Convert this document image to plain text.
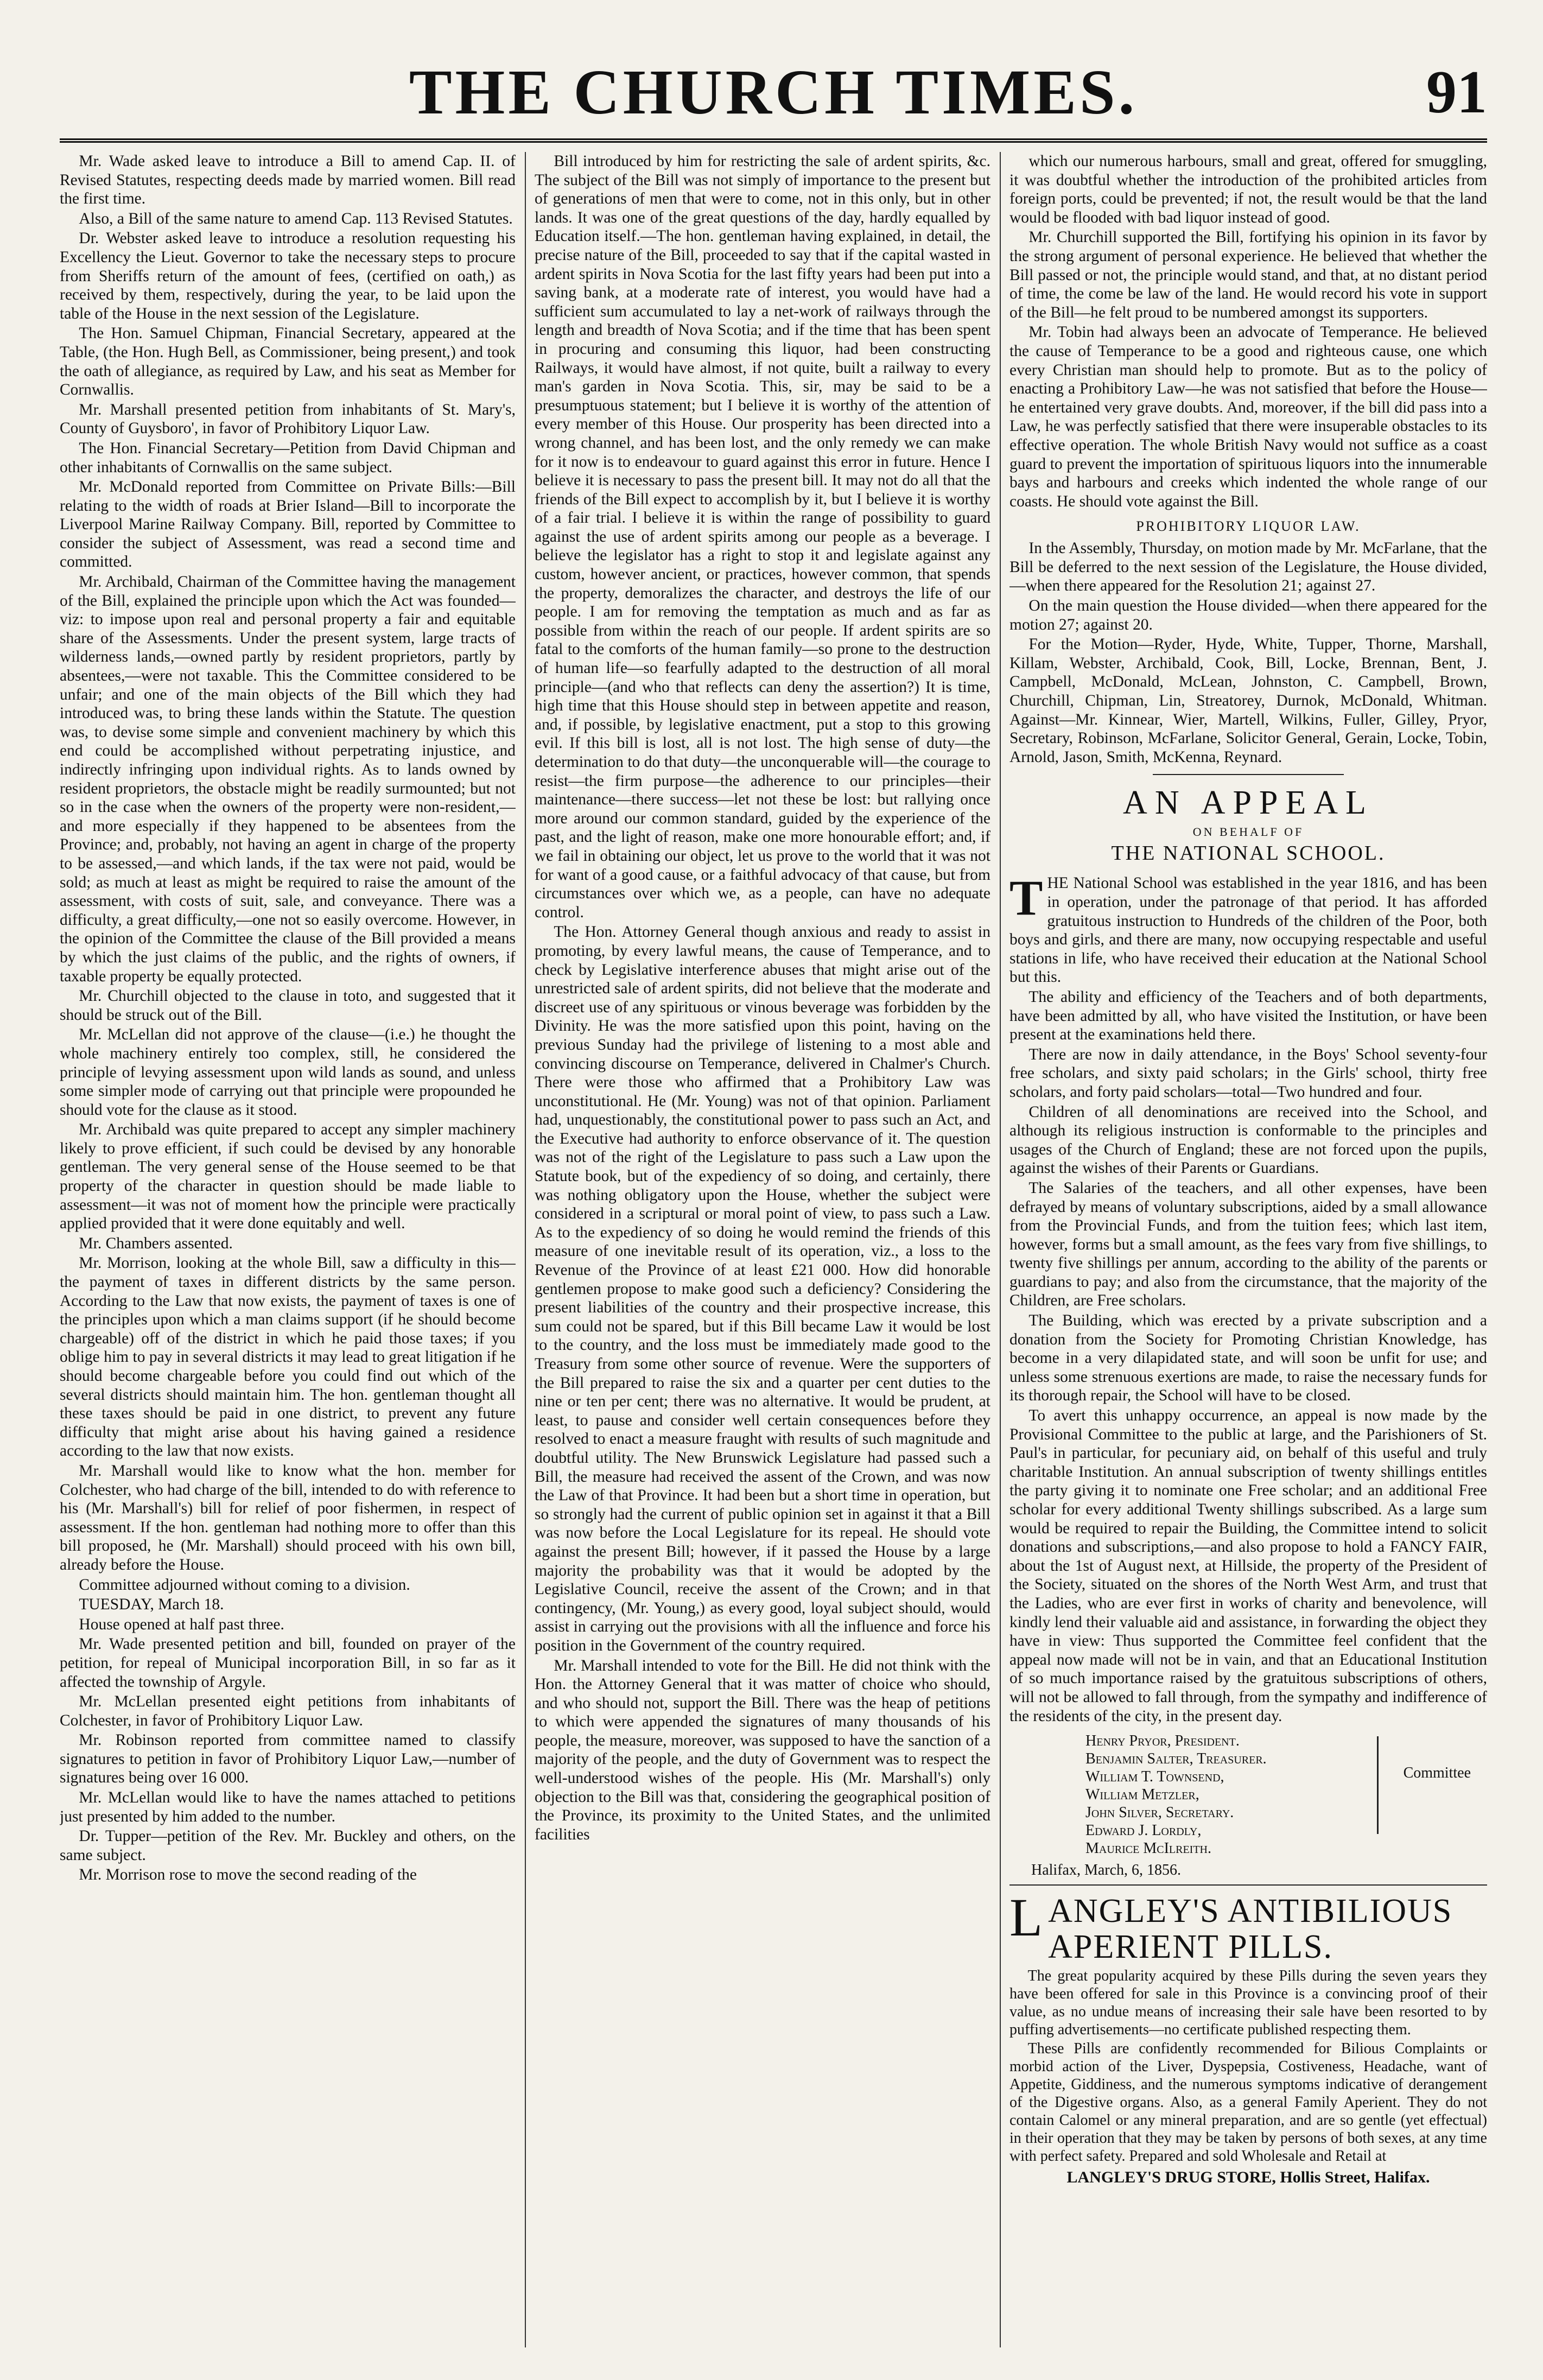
THE CHURCH TIMES.	91

Mr. Wade asked leave to introduce a Bill to amend Cap. II. of Revised Statutes, respecting deeds made by married women. Bill read the first time.

Also, a Bill of the same nature to amend Cap. 113 Revised Statutes.

Dr. Webster asked leave to introduce a resolution requesting his Excellency the Lieut. Governor to take the necessary steps to procure from Sheriffs return of the amount of fees, (certified on oath,) as received by them, respectively, during the year, to be laid upon the table of the House in the next session of the Legislature.

The Hon. Samuel Chipman, Financial Secretary, appeared at the Table, (the Hon. Hugh Bell, as Commissioner, being present,) and took the oath of allegiance, as required by Law, and his seat as Member for Cornwallis.

Mr. Marshall presented petition from inhabitants of St. Mary's, County of Guysboro', in favor of Prohibitory Liquor Law.

The Hon. Financial Secretary—Petition from David Chipman and other inhabitants of Cornwallis on the same subject.

Mr. McDonald reported from Committee on Private Bills:—Bill relating to the width of roads at Brier Island—Bill to incorporate the Liverpool Marine Railway Company. Bill, reported by Committee to consider the subject of Assessment, was read a second time and committed.

Mr. Archibald, Chairman of the Committee having the management of the Bill, explained the principle upon which the Act was founded—viz: to impose upon real and personal property a fair and equitable share of the Assessments. Under the present system, large tracts of wilderness lands,—owned partly by resident proprietors, partly by absentees,—were not taxable. This the Committee considered to be unfair; and one of the main objects of the Bill which they had introduced was, to bring these lands within the Statute. The question was, to devise some simple and convenient machinery by which this end could be accomplished without perpetrating injustice, and indirectly infringing upon individual rights. As to lands owned by resident proprietors, the obstacle might be readily surmounted; but not so in the case when the owners of the property were non-resident,—and more especially if they happened to be absentees from the Province; and, probably, not having an agent in charge of the property to be assessed,—and which lands, if the tax were not paid, would be sold; as much at least as might be required to raise the amount of the assessment, with costs of suit, sale, and conveyance. There was a difficulty, a great difficulty,—one not so easily overcome. However, in the opinion of the Committee the clause of the Bill provided a means by which the just claims of the public, and the rights of owners, if taxable property be equally protected.

Mr. Churchill objected to the clause in toto, and suggested that it should be struck out of the Bill.

Mr. McLellan did not approve of the clause—(i.e.) he thought the whole machinery entirely too complex, still, he considered the principle of levying assessment upon wild lands as sound, and unless some simpler mode of carrying out that principle were propounded he should vote for the clause as it stood.

Mr. Archibald was quite prepared to accept any simpler machinery likely to prove efficient, if such could be devised by any honorable gentleman. The very general sense of the House seemed to be that property of the character in question should be made liable to assessment—it was not of moment how the principle were practically applied provided that it were done equitably and well.

Mr. Chambers assented.

Mr. Morrison, looking at the whole Bill, saw a difficulty in this—the payment of taxes in different districts by the same person. According to the Law that now exists, the payment of taxes is one of the principles upon which a man claims support (if he should become chargeable) off of the district in which he paid those taxes; if you oblige him to pay in several districts it may lead to great litigation if he should become chargeable before you could find out which of the several districts should maintain him. The hon. gentleman thought all these taxes should be paid in one district, to prevent any future difficulty that might arise about his having gained a residence according to the law that now exists.

Mr. Marshall would like to know what the hon. member for Colchester, who had charge of the bill, intended to do with reference to his (Mr. Marshall's) bill for relief of poor fishermen, in respect of assessment. If the hon. gentleman had nothing more to offer than this bill proposed, he (Mr. Marshall) should proceed with his own bill, already before the House.

Committee adjourned without coming to a division.

TUESDAY, March 18.

House opened at half past three.

Mr. Wade presented petition and bill, founded on prayer of the petition, for repeal of Municipal incorporation Bill, in so far as it affected the township of Argyle.

Mr. McLellan presented eight petitions from inhabitants of Colchester, in favor of Prohibitory Liquor Law.

Mr. Robinson reported from committee named to classify signatures to petition in favor of Prohibitory Liquor Law,—number of signatures being over 16 000.

Mr. McLellan would like to have the names attached to petitions just presented by him added to the number.

Dr. Tupper—petition of the Rev. Mr. Buckley and others, on the same subject.

Mr. Morrison rose to move the second reading of the

Bill introduced by him for restricting the sale of ardent spirits, &c. The subject of the Bill was not simply of importance to the present but of generations of men that were to come, not in this only, but in other lands. It was one of the great questions of the day, hardly equalled by Education itself.—The hon. gentleman having explained, in detail, the precise nature of the Bill, proceeded to say that if the capital wasted in ardent spirits in Nova Scotia for the last fifty years had been put into a saving bank, at a moderate rate of interest, you would have had a sufficient sum accumulated to lay a net-work of railways through the length and breadth of Nova Scotia; and if the time that has been spent in procuring and consuming this liquor, had been constructing Railways, it would have almost, if not quite, built a railway to every man's garden in Nova Scotia. This, sir, may be said to be a presumptuous statement; but I believe it is worthy of the attention of every member of this House. Our prosperity has been directed into a wrong channel, and has been lost, and the only remedy we can make for it now is to endeavour to guard against this error in future. Hence I believe it is necessary to pass the present bill. It may not do all that the friends of the Bill expect to accomplish by it, but I believe it is worthy of a fair trial. I believe it is within the range of possibility to guard against the use of ardent spirits among our people as a beverage. I believe the legislator has a right to stop it and legislate against any custom, however ancient, or practices, however common, that spends the property, demoralizes the character, and destroys the life of our people. I am for removing the temptation as much and as far as possible from within the reach of our people. If ardent spirits are so fatal to the comforts of the human family—so prone to the destruction of human life—so fearfully adapted to the destruction of all moral principle—(and who that reflects can deny the assertion?) It is time, high time that this House should step in between appetite and reason, and, if possible, by legislative enactment, put a stop to this growing evil. If this bill is lost, all is not lost. The high sense of duty—the determination to do that duty—the unconquerable will—the courage to resist—the firm purpose—the adherence to our principles—their maintenance—there success—let not these be lost: but rallying once more around our common standard, guided by the experience of the past, and the light of reason, make one more honourable effort; and, if we fail in obtaining our object, let us prove to the world that it was not for want of a good cause, or a faithful advocacy of that cause, but from circumstances over which we, as a people, can have no adequate control.

The Hon. Attorney General though anxious and ready to assist in promoting, by every lawful means, the cause of Temperance, and to check by Legislative interference abuses that might arise out of the unrestricted sale of ardent spirits, did not believe that the moderate and discreet use of any spirituous or vinous beverage was forbidden by the Divinity. He was the more satisfied upon this point, having on the previous Sunday had the privilege of listening to a most able and convincing discourse on Temperance, delivered in Chalmer's Church. There were those who affirmed that a Prohibitory Law was unconstitutional. He (Mr. Young) was not of that opinion. Parliament had, unquestionably, the constitutional power to pass such an Act, and the Executive had authority to enforce observance of it. The question was not of the right of the Legislature to pass such a Law upon the Statute book, but of the expediency of so doing, and certainly, there was nothing obligatory upon the House, whether the subject were considered in a scriptural or moral point of view, to pass such a Law. As to the expediency of so doing he would remind the friends of this measure of one inevitable result of its operation, viz., a loss to the Revenue of the Province of at least £21 000. How did honorable gentlemen propose to make good such a deficiency? Considering the present liabilities of the country and their prospective increase, this sum could not be spared, but if this Bill became Law it would be lost to the country, and the loss must be immediately made good to the Treasury from some other source of revenue. Were the supporters of the Bill prepared to raise the six and a quarter per cent duties to the nine or ten per cent; there was no alternative. It would be prudent, at least, to pause and consider well certain consequences before they resolved to enact a measure fraught with results of such magnitude and doubtful utility. The New Brunswick Legislature had passed such a Bill, the measure had received the assent of the Crown, and was now the Law of that Province. It had been but a short time in operation, but so strongly had the current of public opinion set in against it that a Bill was now before the Local Legislature for its repeal. He should vote against the present Bill; however, if it passed the House by a large majority the probability was that it would be adopted by the Legislative Council, receive the assent of the Crown; and in that contingency, (Mr. Young,) as every good, loyal subject should, would assist in carrying out the provisions with all the influence and force his position in the Government of the country required.

Mr. Marshall intended to vote for the Bill. He did not think with the Hon. the Attorney General that it was matter of choice who should, and who should not, support the Bill. There was the heap of petitions to which were appended the signatures of many thousands of his people, the measure, moreover, was supposed to have the sanction of a majority of the people, and the duty of Government was to respect the well-understood wishes of the people. His (Mr. Marshall's) only objection to the Bill was that, considering the geographical position of the Province, its proximity to the United States, and the unlimited facilities

which our numerous harbours, small and great, offered for smuggling, it was doubtful whether the introduction of the prohibited articles from foreign ports, could be prevented; if not, the result would be that the land would be flooded with bad liquor instead of good.

Mr. Churchill supported the Bill, fortifying his opinion in its favor by the strong argument of personal experience. He believed that whether the Bill passed or not, the principle would stand, and that, at no distant period of time, the come be law of the land. He would record his vote in support of the Bill—he felt proud to be numbered amongst its supporters.

Mr. Tobin had always been an advocate of Temperance. He believed the cause of Temperance to be a good and righteous cause, one which every Christian man should help to promote. But as to the policy of enacting a Prohibitory Law—he was not satisfied that before the House—he entertained very grave doubts. And, moreover, if the bill did pass into a Law, he was perfectly satisfied that there were insuperable obstacles to its effective operation. The whole British Navy would not suffice as a coast guard to prevent the importation of spirituous liquors into the innumerable bays and harbours and creeks which indented the whole range of our coasts. He should vote against the Bill.

PROHIBITORY LIQUOR LAW.

In the Assembly, Thursday, on motion made by Mr. McFarlane, that the Bill be deferred to the next session of the Legislature, the House divided,—when there appeared for the Resolution 21; against 27.

On the main question the House divided—when there appeared for the motion 27; against 20.

For the Motion—Ryder, Hyde, White, Tupper, Thorne, Marshall, Killam, Webster, Archibald, Cook, Bill, Locke, Brennan, Bent, J. Campbell, McDonald, McLean, Johnston, C. Campbell, Brown, Churchill, Chipman, Lin, Streatorey, Durnok, McDonald, Whitman. Against—Mr. Kinnear, Wier, Martell, Wilkins, Fuller, Gilley, Pryor, Secretary, Robinson, McFarlane, Solicitor General, Gerain, Locke, Tobin, Arnold, Jason, Smith, McKenna, Reynard.

AN APPEAL
ON BEHALF OF
THE NATIONAL SCHOOL.

THE National School was established in the year 1816, and has been in operation, under the patronage of that period. It has afforded gratuitous instruction to Hundreds of the children of the Poor, both boys and girls, and there are many, now occupying respectable and useful stations in life, who have received their education at the National School but this.

The ability and efficiency of the Teachers and of both departments, have been admitted by all, who have visited the Institution, or have been present at the examinations held there.

There are now in daily attendance, in the Boys' School seventy-four free scholars, and sixty paid scholars; in the Girls' school, thirty free scholars, and forty paid scholars—total—Two hundred and four.

Children of all denominations are received into the School, and although its religious instruction is conformable to the principles and usages of the Church of England; these are not forced upon the pupils, against the wishes of their Parents or Guardians.

The Salaries of the teachers, and all other expenses, have been defrayed by means of voluntary subscriptions, aided by a small allowance from the Provincial Funds, and from the tuition fees; which last item, however, forms but a small amount, as the fees vary from five shillings, to twenty five shillings per annum, according to the ability of the parents or guardians to pay; and also from the circumstance, that the majority of the Children, are Free scholars.

The Building, which was erected by a private subscription and a donation from the Society for Promoting Christian Knowledge, has become in a very dilapidated state, and will soon be unfit for use; and unless some strenuous exertions are made, to raise the necessary funds for its thorough repair, the School will have to be closed.

To avert this unhappy occurrence, an appeal is now made by the Provisional Committee to the public at large, and the Parishioners of St. Paul's in particular, for pecuniary aid, on behalf of this useful and truly charitable Institution. An annual subscription of twenty shillings entitles the party giving it to nominate one Free scholar; and an additional Free scholar for every additional Twenty shillings subscribed. As a large sum would be required to repair the Building, the Committee intend to solicit donations and subscriptions,—and also propose to hold a FANCY FAIR, about the 1st of August next, at Hillside, the property of the President of the Society, situated on the shores of the North West Arm, and trust that the Ladies, who are ever first in works of charity and benevolence, will kindly lend their valuable aid and assistance, in forwarding the object they have in view: Thus supported the Committee feel confident that the appeal now made will not be in vain, and that an Educational Institution of so much importance raised by the gratuitous subscriptions of others, will not be allowed to fall through, from the sympathy and indifference of the residents of the city, in the present day.

Henry Pryor, President.
Benjamin Salter, Treasurer.
William T. Townsend,
William Metzler,
John Silver, Secretary.
Edward J. Lordly,
Maurice McIlreith.
Committee
Halifax, March, 6, 1856.
LANGLEY'S ANTIBILIOUS APERIENT PILLS.

The great popularity acquired by these Pills during the seven years they have been offered for sale in this Province is a convincing proof of their value, as no undue means of increasing their sale have been resorted to by puffing advertisements—no certificate published respecting them.

These Pills are confidently recommended for Bilious Complaints or morbid action of the Liver, Dyspepsia, Costiveness, Headache, want of Appetite, Giddiness, and the numerous symptoms indicative of derangement of the Digestive organs. Also, as a general Family Aperient. They do not contain Calomel or any mineral preparation, and are so gentle (yet effectual) in their operation that they may be taken by persons of both sexes, at any time with perfect safety. Prepared and sold Wholesale and Retail at

LANGLEY'S DRUG STORE, Hollis Street, Halifax.
